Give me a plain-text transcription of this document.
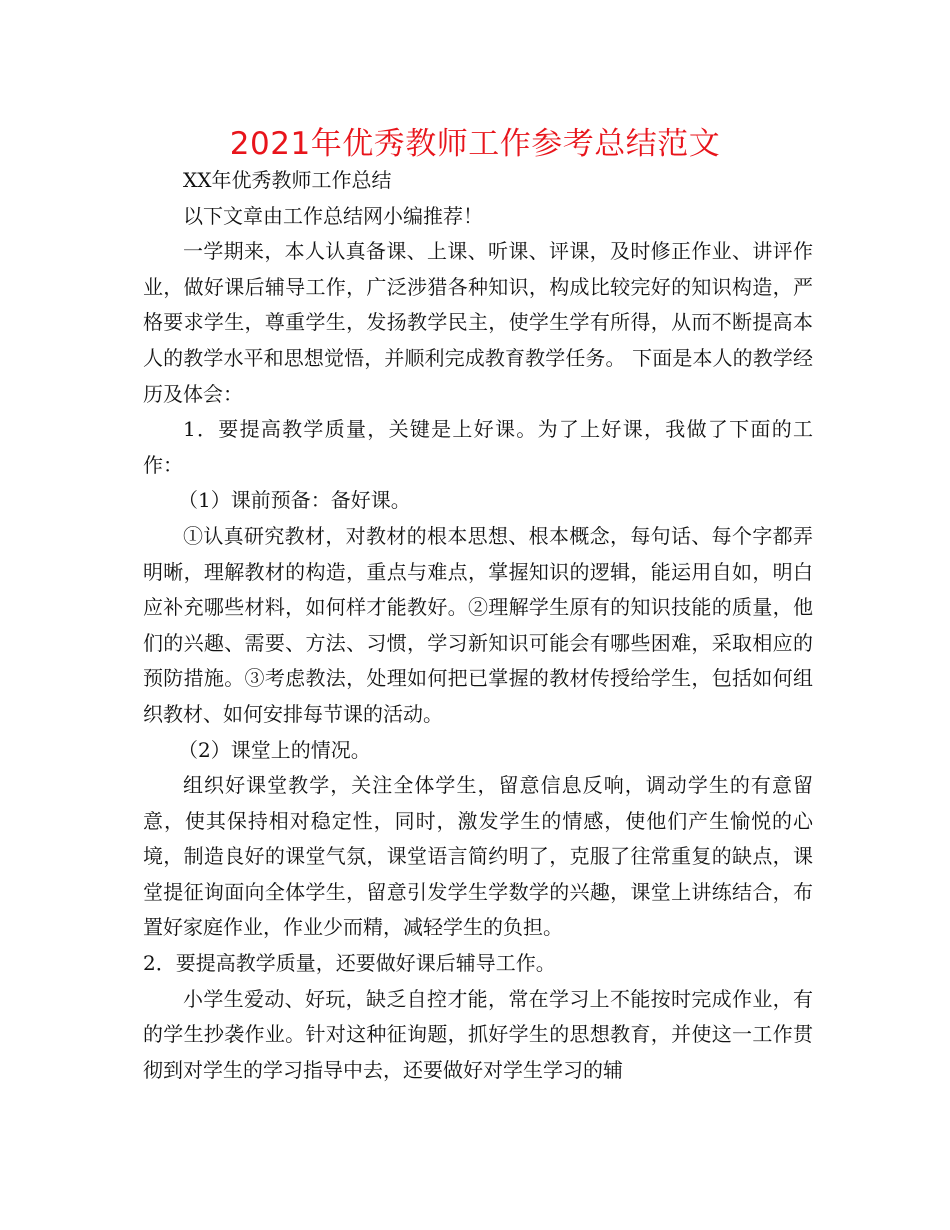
2021年优秀教师工作参考总结范文

XX年优秀教师工作总结

以下文章由工作总结网小编推荐！

一学期来，本人认真备课、上课、听课、评课，及时修正作业、讲评作业，做好课后辅导工作，广泛涉猎各种知识，构成比较完好的知识构造，严格要求学生，尊重学生，发扬教学民主，使学生学有所得，从而不断提高本人的教学水平和思想觉悟，并顺利完成教育教学任务。 下面是本人的教学经历及体会：

1．要提高教学质量，关键是上好课。为了上好课，我做了下面的工作：

（1）课前预备：备好课。

①认真研究教材，对教材的根本思想、根本概念，每句话、每个字都弄明晰，理解教材的构造，重点与难点，掌握知识的逻辑，能运用自如，明白应补充哪些材料，如何样才能教好。②理解学生原有的知识技能的质量，他们的兴趣、需要、方法、习惯，学习新知识可能会有哪些困难，采取相应的预防措施。③考虑教法，处理如何把已掌握的教材传授给学生，包括如何组织教材、如何安排每节课的活动。

（2）课堂上的情况。

组织好课堂教学，关注全体学生，留意信息反响，调动学生的有意留意，使其保持相对稳定性，同时，激发学生的情感，使他们产生愉悦的心境，制造良好的课堂气氛，课堂语言简约明了，克服了往常重复的缺点，课堂提征询面向全体学生，留意引发学生学数学的兴趣，课堂上讲练结合，布置好家庭作业，作业少而精，减轻学生的负担。

2．要提高教学质量，还要做好课后辅导工作。

小学生爱动、好玩，缺乏自控才能，常在学习上不能按时完成作业，有的学生抄袭作业。针对这种征询题，抓好学生的思想教育，并使这一工作贯彻到对学生的学习指导中去，还要做好对学生学习的辅
